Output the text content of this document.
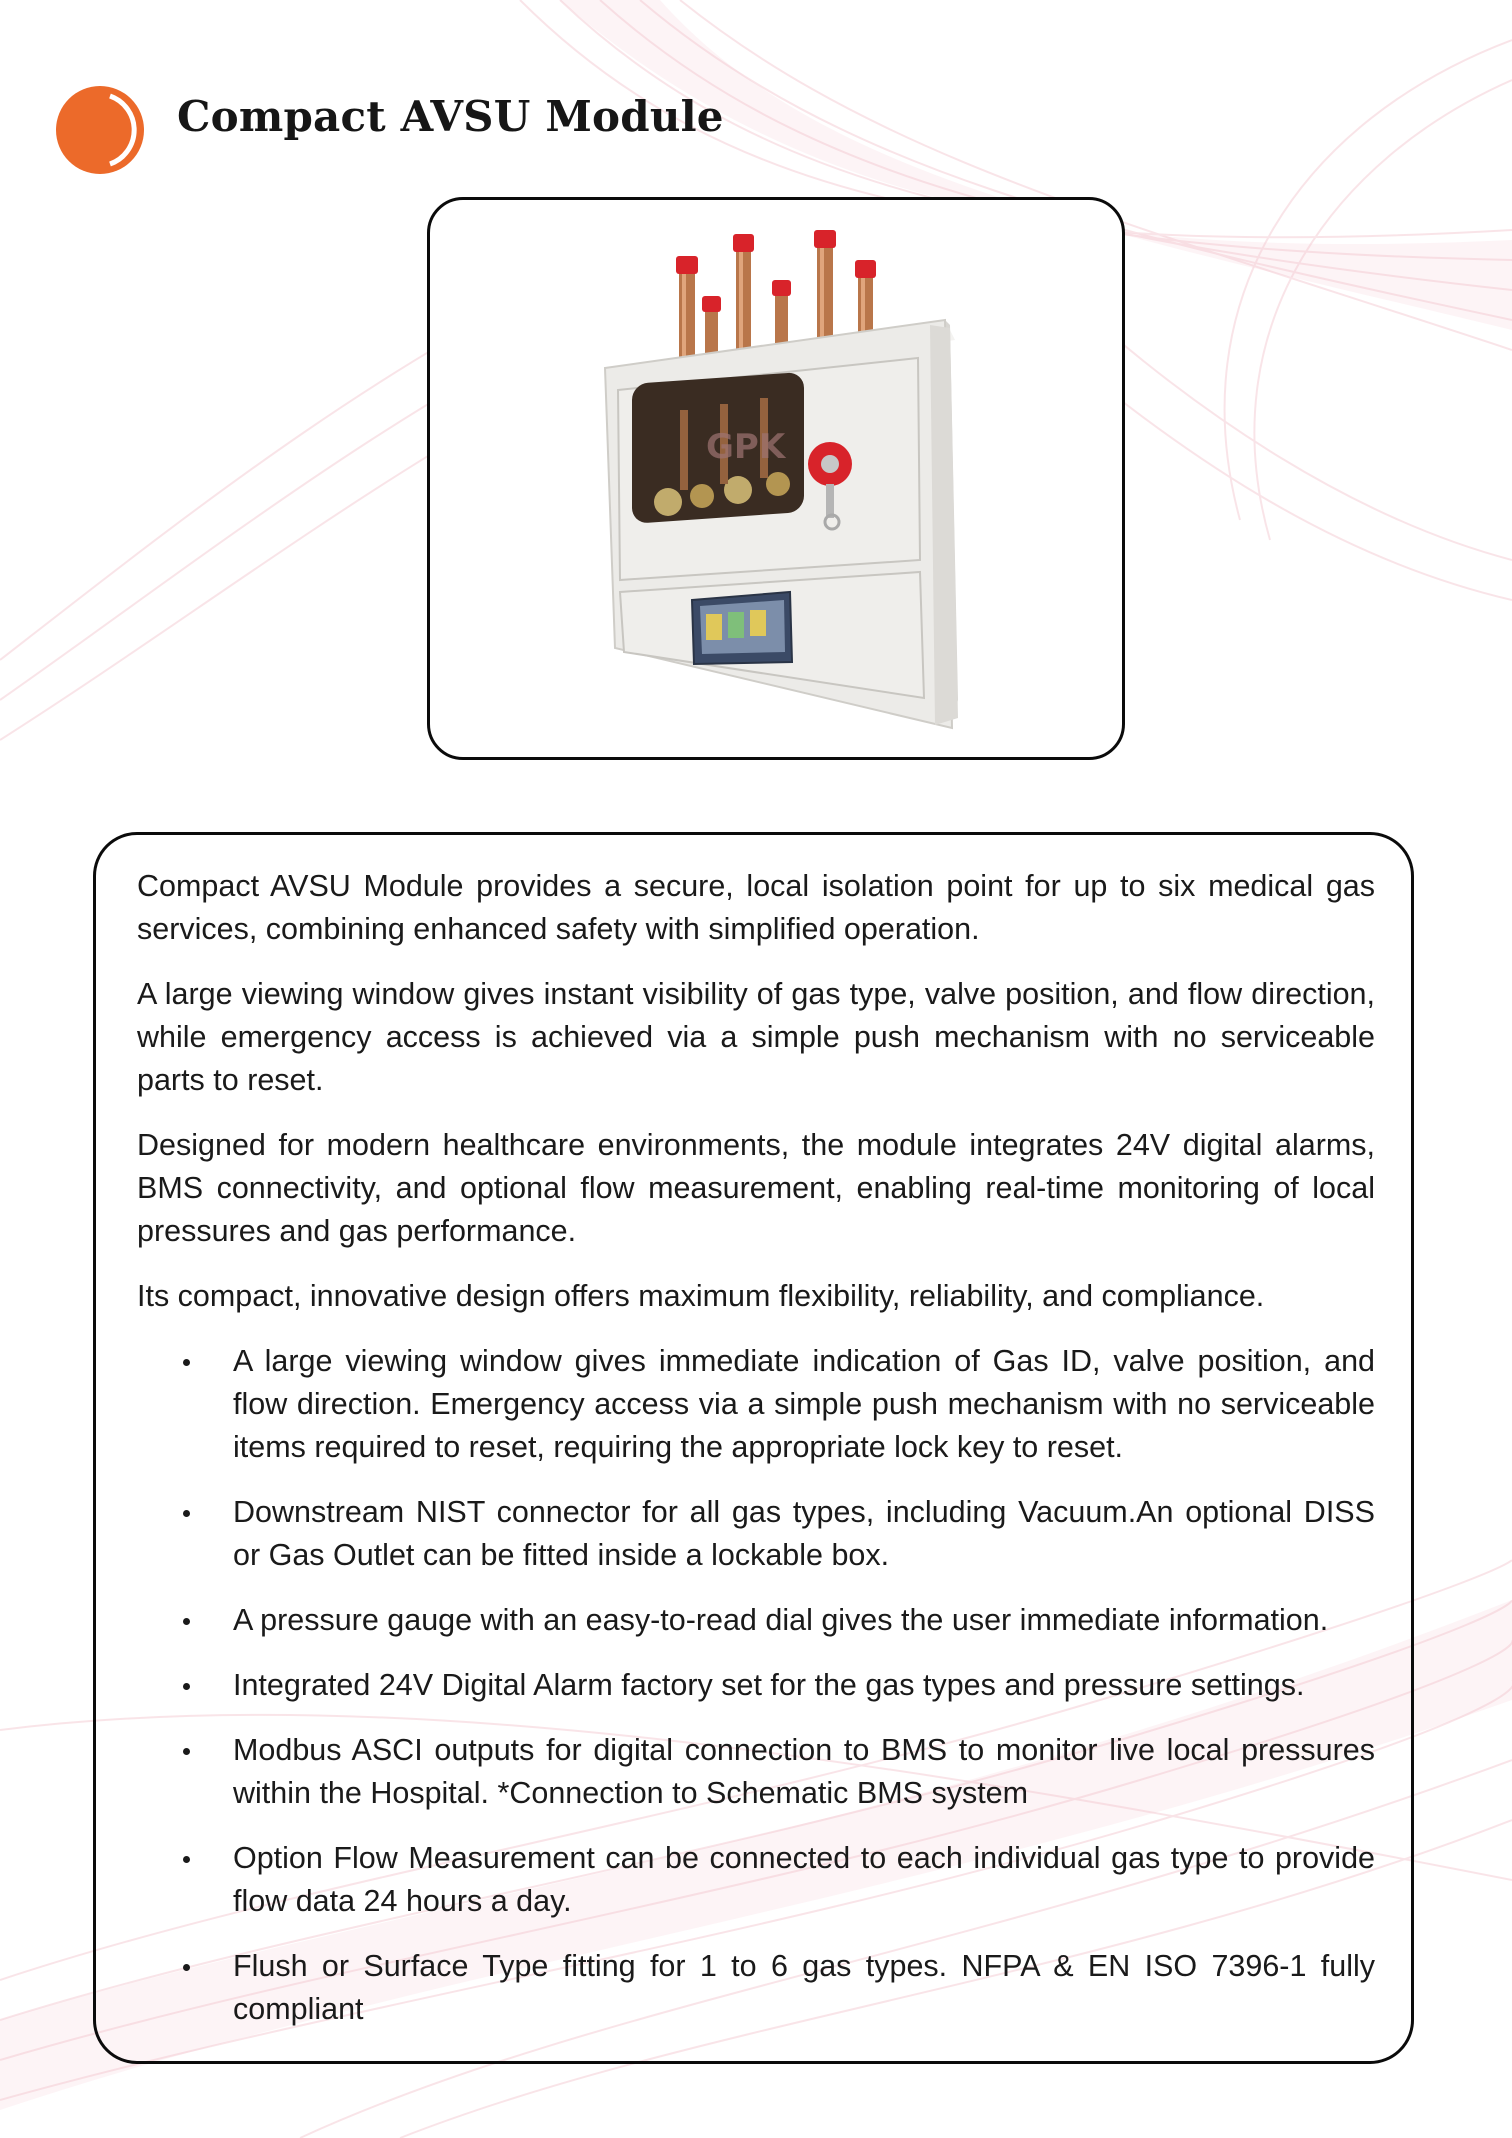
Compact AVSU Module
GPK

Compact AVSU Module provides a secure, local isolation point for up to six medical gas services, combining enhanced safety with simplified operation.

A large viewing window gives instant visibility of gas type, valve position, and flow direction, while emergency access is achieved via a simple push mechanism with no serviceable parts to reset.

Designed for modern healthcare environments, the module integrates 24V digital alarms, BMS connectivity, and optional flow measurement, enabling real-time monitoring of local pressures and gas performance.

Its compact, innovative design offers maximum flexibility, reliability, and compliance.

A large viewing window gives immediate indication of Gas ID, valve position, and flow direction. Emergency access via a simple push mechanism with no serviceable items required to reset, requiring the appropriate lock key to reset.
Downstream NIST connector for all gas types, including Vacuum.An optional DISS or Gas Outlet can be fitted inside a lockable box.
A pressure gauge with an easy-to-read dial gives the user immediate information.
Integrated 24V Digital Alarm factory set for the gas types and pressure settings.
Modbus ASCI outputs for digital connection to BMS to monitor live local pressures within the Hospital. *Connection to Schematic BMS system
Option Flow Measurement can be connected to each individual gas type to provide flow data 24 hours a day.
Flush or Surface Type fitting for 1 to 6 gas types. NFPA & EN ISO 7396-1 fully compliant
